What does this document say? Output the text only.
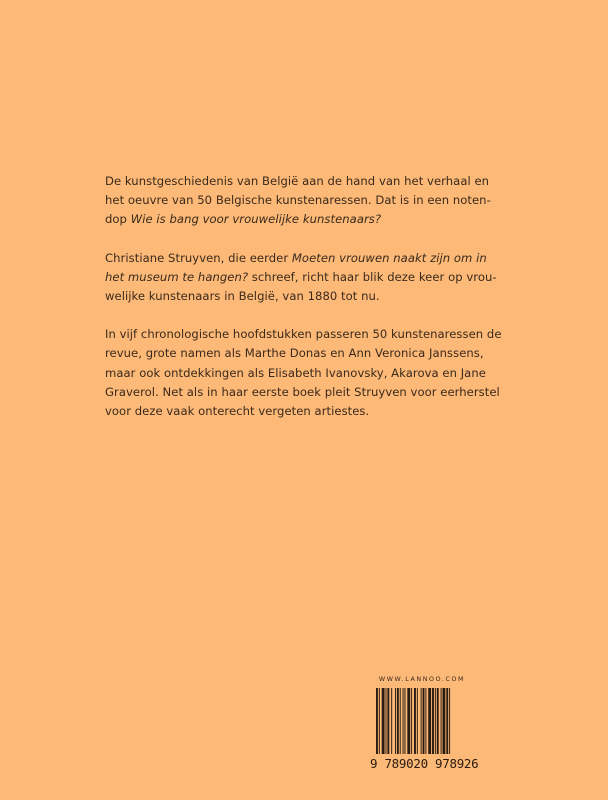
De kunstgeschiedenis van België aan de hand van het verhaal en
het oeuvre van 50 Belgische kunstenaressen. Dat is in een noten-
dop Wie is bang voor vrouwelijke kunstenaars?

Christiane Struyven, die eerder Moeten vrouwen naakt zijn om in
het museum te hangen? schreef, richt haar blik deze keer op vrou-
welijke kunstenaars in België, van 1880 tot nu.

In vijf chronologische hoofdstukken passeren 50 kunstenaressen de
revue, grote namen als Marthe Donas en Ann Veronica Janssens,
maar ook ontdekkingen als Elisabeth Ivanovsky, Akarova en Jane
Graverol. Net als in haar eerste boek pleit Struyven voor eerherstel
voor deze vaak onterecht vergeten artiestes.

WWW.LANNOO.COM
9 789020 978926
